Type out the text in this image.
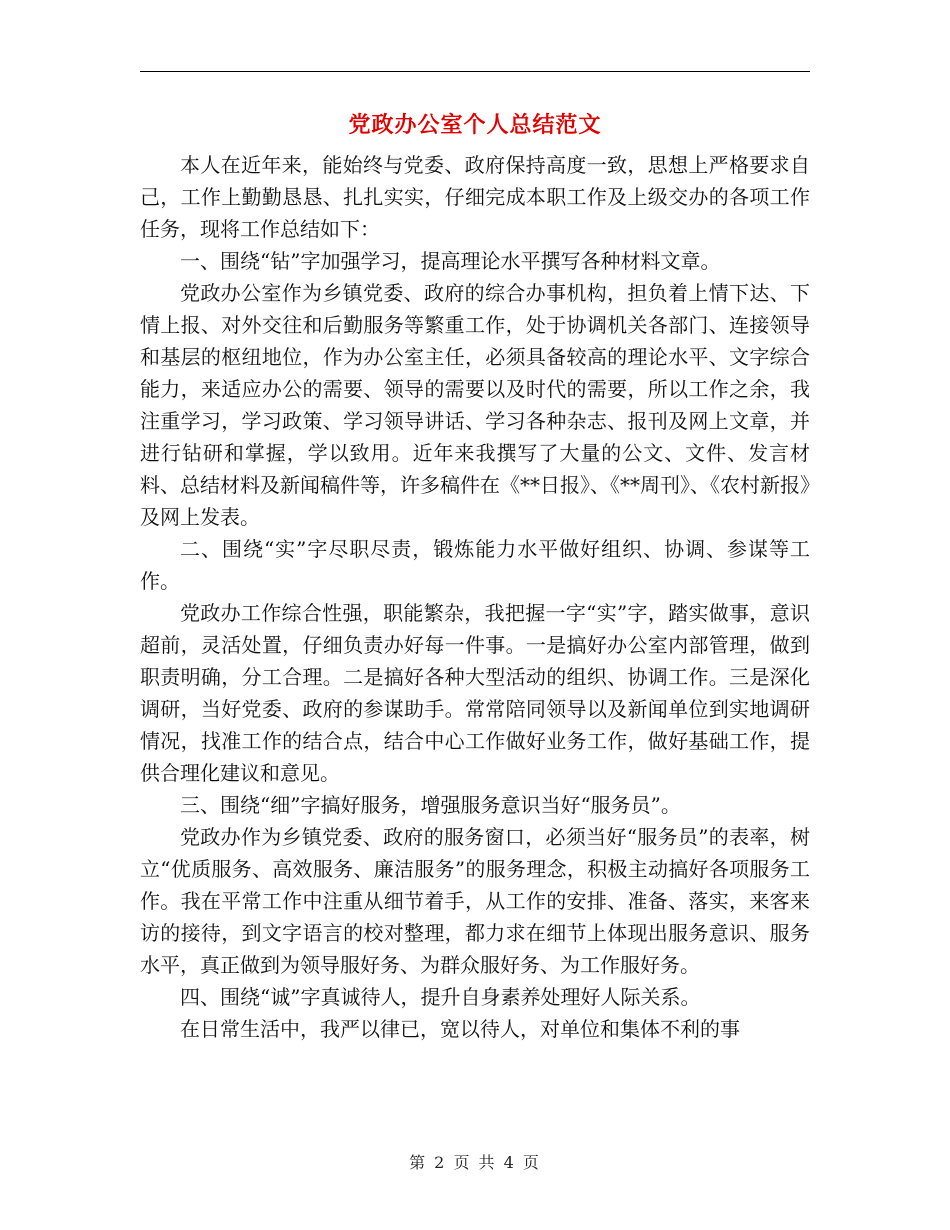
党政办公室个人总结范文

本人在近年来，能始终与党委、政府保持高度一致，思想上严格要求自己，工作上勤勤恳恳、扎扎实实，仔细完成本职工作及上级交办的各项工作任务，现将工作总结如下：

一、围绕“钻”字加强学习，提高理论水平撰写各种材料文章。

党政办公室作为乡镇党委、政府的综合办事机构，担负着上情下达、下情上报、对外交往和后勤服务等繁重工作，处于协调机关各部门、连接领导和基层的枢纽地位，作为办公室主任，必须具备较高的理论水平、文字综合能力，来适应办公的需要、领导的需要以及时代的需要，所以工作之余，我注重学习，学习政策、学习领导讲话、学习各种杂志、报刊及网上文章，并进行钻研和掌握，学以致用。近年来我撰写了大量的公文、文件、发言材料、总结材料及新闻稿件等，许多稿件在《**日报》、《**周刊》、《农村新报》及网上发表。

二、围绕“实”字尽职尽责，锻炼能力水平做好组织、协调、参谋等工作。

党政办工作综合性强，职能繁杂，我把握一字“实”字，踏实做事，意识超前，灵活处置，仔细负责办好每一件事。一是搞好办公室内部管理，做到职责明确，分工合理。二是搞好各种大型活动的组织、协调工作。三是深化调研，当好党委、政府的参谋助手。常常陪同领导以及新闻单位到实地调研情况，找准工作的结合点，结合中心工作做好业务工作，做好基础工作，提供合理化建议和意见。

三、围绕“细”字搞好服务，增强服务意识当好“服务员”。

党政办作为乡镇党委、政府的服务窗口，必须当好“服务员”的表率，树立“优质服务、高效服务、廉洁服务”的服务理念，积极主动搞好各项服务工作。我在平常工作中注重从细节着手，从工作的安排、准备、落实，来客来访的接待，到文字语言的校对整理，都力求在细节上体现出服务意识、服务水平，真正做到为领导服好务、为群众服好务、为工作服好务。

四、围绕“诚”字真诚待人，提升自身素养处理好人际关系。

在日常生活中，我严以律已，宽以待人，对单位和集体不利的事

第 2 页 共 4 页
